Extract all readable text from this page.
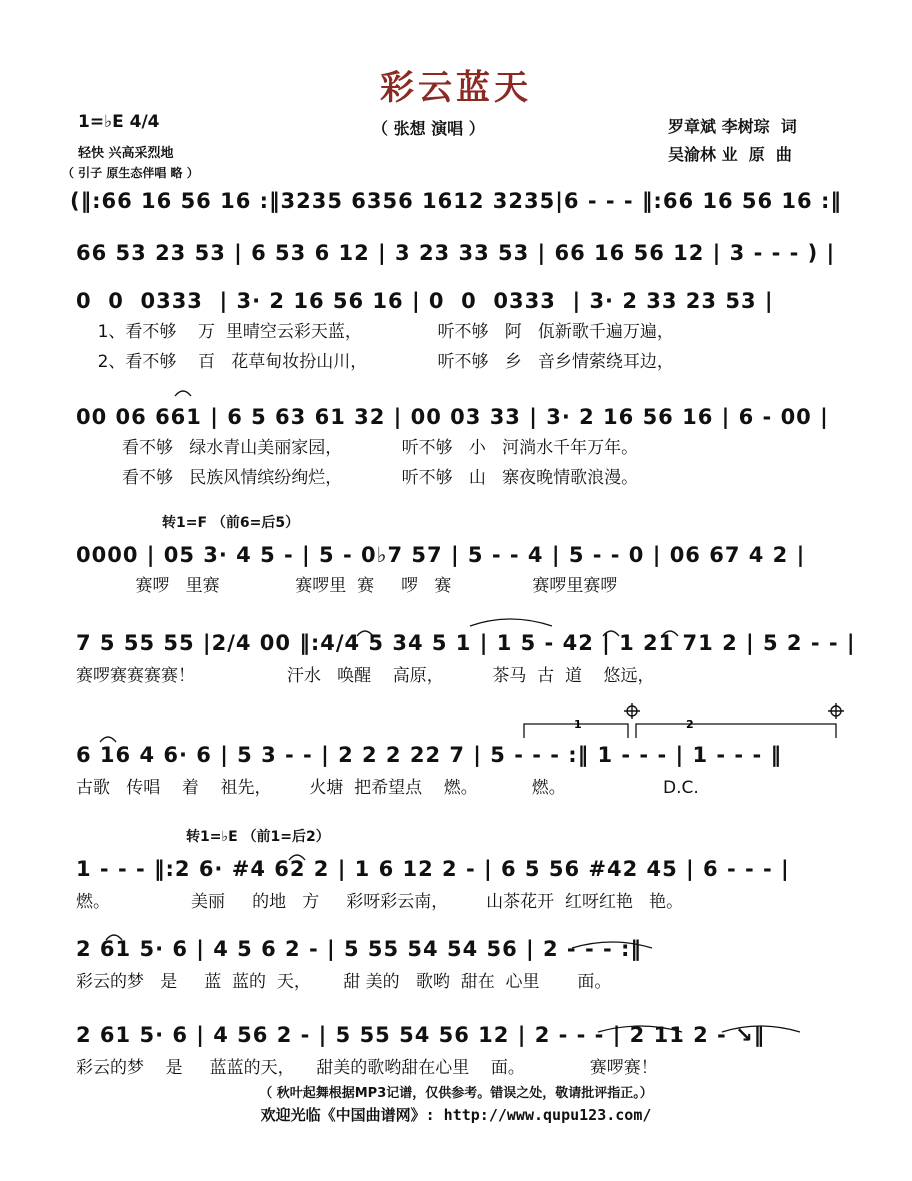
彩云蓝天
（ 张想 演唱 ）
1=♭E 4/4
轻快 兴高采烈地
（ 引子 原生态伴唱 略 ）
罗章斌 李树琮  词
吴渝林 业  原  曲
(‖:66 16 56 16 :‖3235 6356 1612 3235|6 - - - ‖:66 16 56 16 :‖
66 53 23 53 | 6 53 6 12 | 3 23 33 53 | 66 16 56 12 | 3 - - - ) |
0  0  0333  | 3· 2 16 56 16 | 0  0  0333  | 3· 2 33 23 53 |
1、看不够    万  里晴空云彩天蓝，              听不够   阿   佤新歌千遍万遍，
2、看不够    百   花草甸妆扮山川，             听不够   乡   音乡情萦绕耳边，
00 06 661 | 6 5 63 61 32 | 00 03 33 | 3· 2 16 56 16 | 6 - 00 |
看不够   绿水青山美丽家园，           听不够   小   河淌水千年万年。
看不够   民族风情缤纷绚烂，           听不够   山   寨夜晚情歌浪漫。
转1=F （前6=后5）
0000 | 05 3· 4 5 - | 5 - 0♭7 57 | 5 - - 4 | 5 - - 0 | 06 67 4 2 |
赛啰   里赛              赛啰里  赛     啰   赛               赛啰里赛啰
7 5 55 55 |2/4 00 ‖:4/4 5 34 5 1 | 1 5 - 42 | 1 21 71 2 | 5 2 - - |
赛啰赛赛赛赛！                 汗水   唤醒    高原，         茶马  古  道    悠远，
6 16 4 6· 6 | 5 3 - - | 2 2 2 22 7 | 5 - - - :‖ 1 - - - | 1 - - - ‖
古歌   传唱    着    祖先，       火塘  把希望点    燃。          燃。                  D.C.
转1=♭E （前1=后2）
1 - - - ‖:2 6· #4 62 2 | 1 6 12 2 - | 6 5 56 #42 45 | 6 - - - |
燃。               美丽     的地   方     彩呀彩云南，       山茶花开  红呀红艳   艳。
2 61 5· 6 | 4 5 6 2 - | 5 55 54 54 56 | 2 - - - :‖
彩云的梦   是     蓝  蓝的  天，      甜 美的   歌哟  甜在  心里       面。
2 61 5· 6 | 4 56 2 - | 5 55 54 56 12 | 2 - - - | 2 11 2 - ↘‖
彩云的梦    是     蓝蓝的天，    甜美的歌哟甜在心里    面。            赛啰赛！
1	2
（ 秋叶起舞根据MP3记谱，仅供参考。错误之处，敬请批评指正。）
欢迎光临《中国曲谱网》: http://www.qupu123.com/
